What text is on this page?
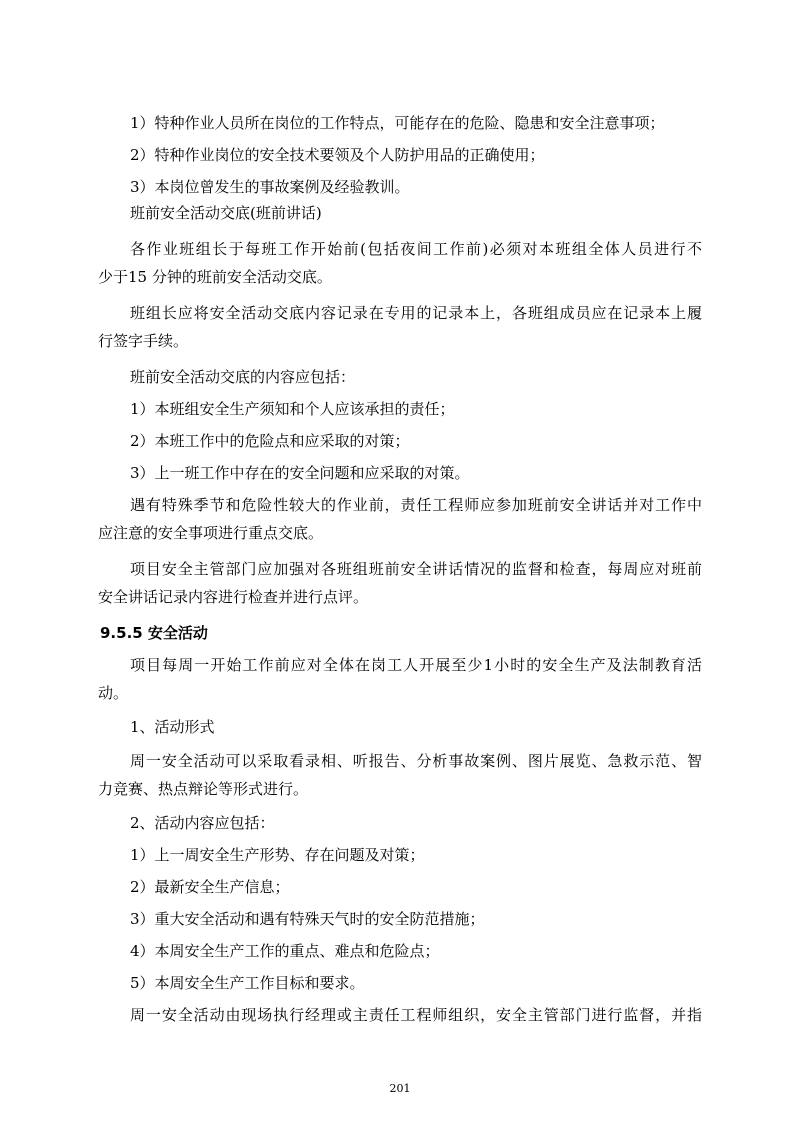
1）特种作业人员所在岗位的工作特点，可能存在的危险、隐患和安全注意事项；
2）特种作业岗位的安全技术要领及个人防护用品的正确使用；
3）本岗位曾发生的事故案例及经验教训。
班前安全活动交底(班前讲话)
各作业班组长于每班工作开始前(包括夜间工作前)必须对本班组全体人员进行不
少于15 分钟的班前安全活动交底。
班组长应将安全活动交底内容记录在专用的记录本上，各班组成员应在记录本上履
行签字手续。
班前安全活动交底的内容应包括：
1）本班组安全生产须知和个人应该承担的责任；
2）本班工作中的危险点和应采取的对策；
3）上一班工作中存在的安全问题和应采取的对策。
遇有特殊季节和危险性较大的作业前，责任工程师应参加班前安全讲话并对工作中
应注意的安全事项进行重点交底。
项目安全主管部门应加强对各班组班前安全讲话情况的监督和检查，每周应对班前
安全讲话记录内容进行检查并进行点评。
9.5.5 安全活动
项目每周一开始工作前应对全体在岗工人开展至少1小时的安全生产及法制教育活
动。
1、活动形式
周一安全活动可以采取看录相、听报告、分析事故案例、图片展览、急救示范、智
力竞赛、热点辩论等形式进行。
2、活动内容应包括：
1）上一周安全生产形势、存在问题及对策；
2）最新安全生产信息；
3）重大安全活动和遇有特殊天气时的安全防范措施；
4）本周安全生产工作的重点、难点和危险点；
5）本周安全生产工作目标和要求。
周一安全活动由现场执行经理或主责任工程师组织，安全主管部门进行监督，并指
201
